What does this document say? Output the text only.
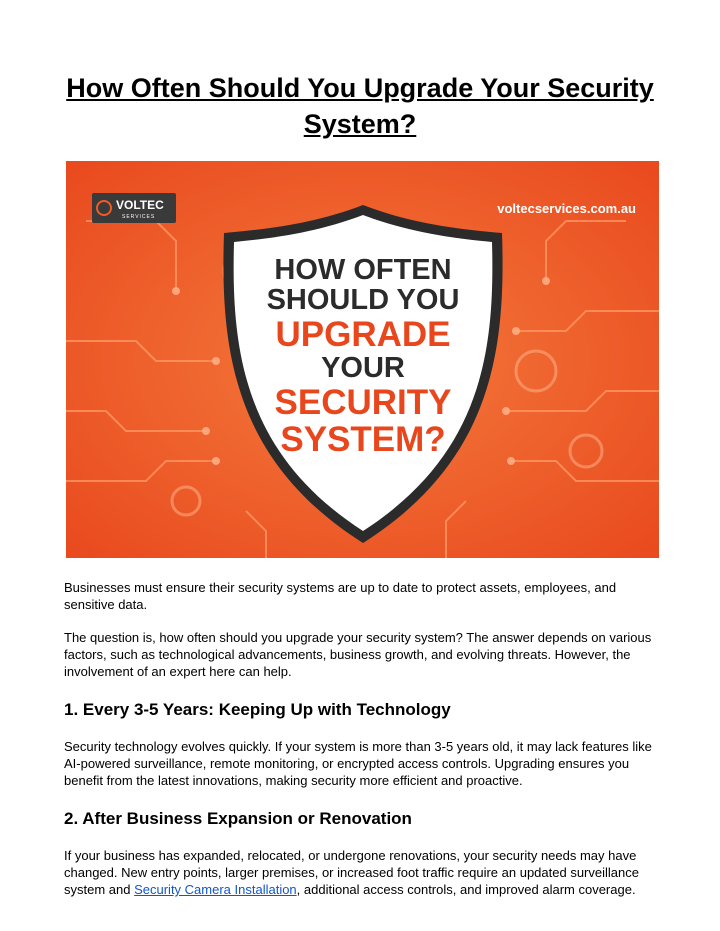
How Often Should You Upgrade Your Security System?
VOLTEC
SERVICES
voltecservices.com.au
HOW OFTEN
SHOULD YOU
UPGRADE
YOUR
SECURITY
SYSTEM?

Businesses must ensure their security systems are up to date to protect assets, employees, and sensitive data.

The question is, how often should you upgrade your security system? The answer depends on various factors, such as technological advancements, business growth, and evolving threats. However, the involvement of an expert here can help.

1. Every 3-5 Years: Keeping Up with Technology

Security technology evolves quickly. If your system is more than 3-5 years old, it may lack features like AI-powered surveillance, remote monitoring, or encrypted access controls. Upgrading ensures you benefit from the latest innovations, making security more efficient and proactive.

2. After Business Expansion or Renovation

If your business has expanded, relocated, or undergone renovations, your security needs may have changed. New entry points, larger premises, or increased foot traffic require an updated surveillance system and Security Camera Installation, additional access controls, and improved alarm coverage.
